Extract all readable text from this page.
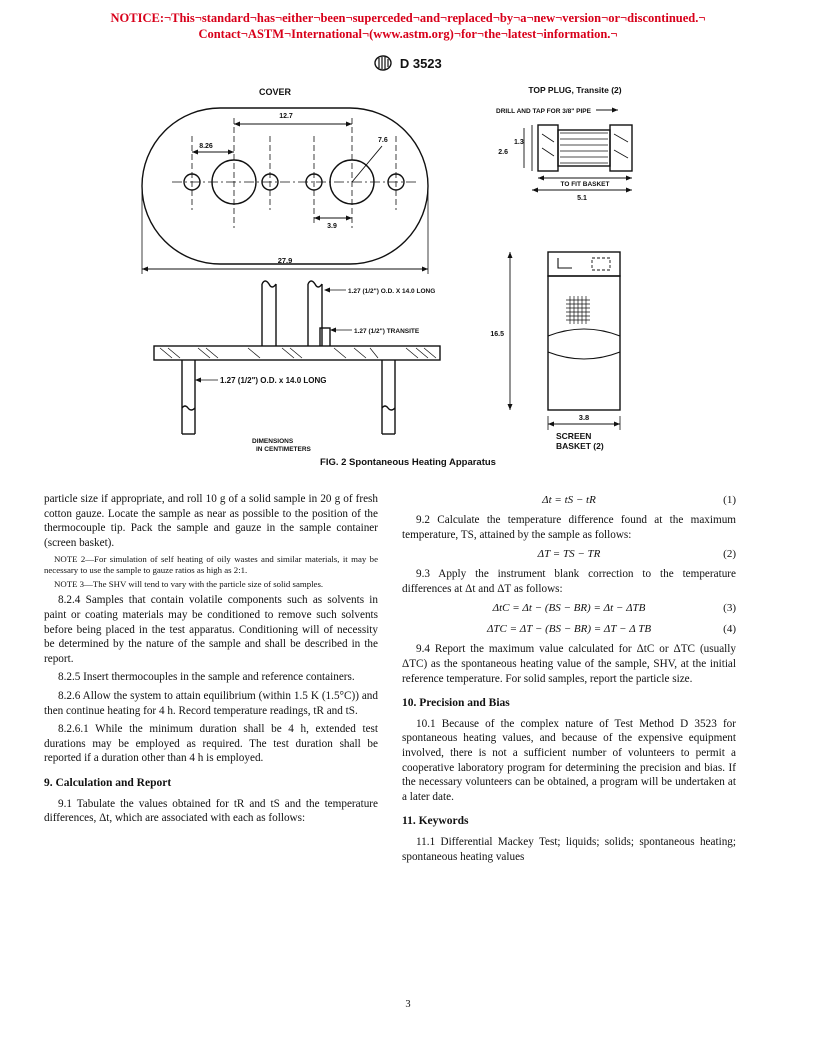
NOTICE:¬This¬standard¬has¬either¬been¬superceded¬and¬replaced¬by¬a¬new¬version¬or¬discontinued.¬
Contact¬ASTM¬International¬(www.astm.org)¬for¬the¬latest¬information.¬
D 3523
COVER	TOP PLUG, Transite (2)
DRILL AND TAP FOR 3/8" PIPE
12.7
8.26
7.6
3.9
27.9
1.3
2.6
TO FIT BASKET
5.1
1.27 (1/2") O.D. X 14.0 LONG
1.27 (1/2") TRANSITE
1.27 (1/2") O.D. x 14.0 LONG
16.5
3.8
SCREEN
BASKET (2)
DIMENSIONS
IN CENTIMETERS
FIG. 2 Spontaneous Heating Apparatus

particle size if appropriate, and roll 10 g of a solid sample in 20 g of fresh cotton gauze. Locate the sample as near as possible to the position of the thermocouple tip. Pack the sample and gauze in the sample container (screen basket).

NOTE 2—For simulation of self heating of oily wastes and similar materials, it may be necessary to use the sample to gauze ratios as high as 2:1.

NOTE 3—The SHV will tend to vary with the particle size of solid samples.

8.2.4 Samples that contain volatile components such as solvents in paint or coating materials may be conditioned to remove such solvents before being placed in the test apparatus. Conditioning will of necessity be determined by the nature of the sample and shall be described in the report.

8.2.5 Insert thermocouples in the sample and reference containers.

8.2.6 Allow the system to attain equilibrium (within 1.5 K (1.5°C)) and then continue heating for 4 h. Record temperature readings, tR and tS.

8.2.6.1 While the minimum duration shall be 4 h, extended test durations may be employed as required. The test duration shall be reported if a duration other than 4 h is employed.

9. Calculation and Report

9.1 Tabulate the values obtained for tR and tS and the temperature differences, Δt, which are associated with each as follows:

Δt = tS − tR	(1)

9.2 Calculate the temperature difference found at the maximum temperature, TS, attained by the sample as follows:

ΔT = TS − TR	(2)

9.3 Apply the instrument blank correction to the temperature differences at Δt and ΔT as follows:

ΔtC = Δt − (BS − BR) = Δt − ΔTB	(3)
ΔTC = ΔT − (BS − BR) = ΔT − Δ TB	(4)

9.4 Report the maximum value calculated for ΔtC or ΔTC (usually ΔTC) as the spontaneous heating value of the sample, SHV, at the initial reference temperature. For solid samples, report the particle size.

10. Precision and Bias

10.1 Because of the complex nature of Test Method D 3523 for spontaneous heating values, and because of the expensive equipment involved, there is not a sufficient number of volunteers to permit a cooperative laboratory program for determining the precision and bias. If the necessary volunteers can be obtained, a program will be undertaken at a later date.

11. Keywords

11.1 Differential Mackey Test; liquids; solids; spontaneous heating; spontaneous heating values

3
